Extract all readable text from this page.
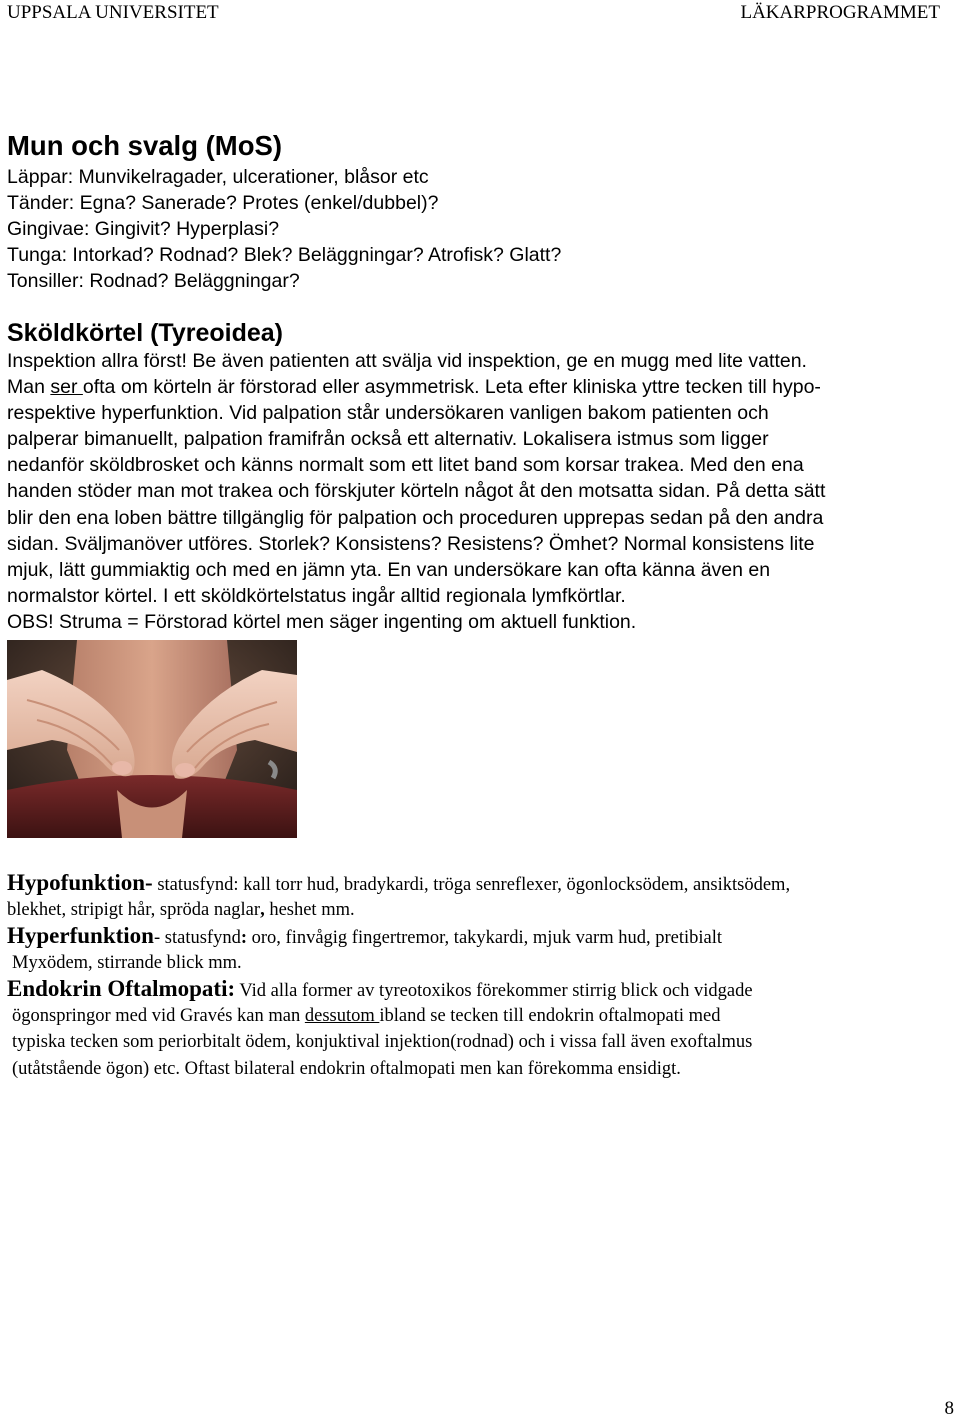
UPPSALA UNIVERSITET	LÄKARPROGRAMMET
Mun och svalg (MoS)
Läppar: Munvikelragader, ulcerationer, blåsor etc
Tänder: Egna? Sanerade? Protes (enkel/dubbel)?
Gingivae: Gingivit? Hyperplasi?
Tunga: Intorkad? Rodnad? Blek? Beläggningar? Atrofisk? Glatt?
Tonsiller: Rodnad? Beläggningar?
Sköldkörtel (Tyreoidea)
Inspektion allra först! Be även patienten att svälja vid inspektion, ge en mugg med lite vatten.
Man ser ofta om körteln är förstorad eller asymmetrisk. Leta efter kliniska yttre tecken till hypo-
respektive hyperfunktion. Vid palpation står undersökaren vanligen bakom patienten och
palperar bimanuellt, palpation framifrån också ett alternativ. Lokalisera istmus som ligger
nedanför sköldbrosket och känns normalt som ett litet band som korsar trakea. Med den ena
handen stöder man mot trakea och förskjuter körteln något åt den motsatta sidan. På detta sätt
blir den ena loben bättre tillgänglig för palpation och proceduren upprepas sedan på den andra
sidan. Sväljmanöver utföres. Storlek? Konsistens? Resistens? Ömhet? Normal konsistens lite
mjuk, lätt gummiaktig och med en jämn yta. En van undersökare kan ofta känna även en
normalstor körtel. I ett sköldkörtelstatus ingår alltid regionala lymfkörtlar.
OBS! Struma = Förstorad körtel men säger ingenting om aktuell funktion.
Hypofunktion- statusfynd: kall torr hud, bradykardi, tröga senreflexer, ögonlocksödem, ansiktsödem,
blekhet, stripigt hår, spröda naglar, heshet mm.
Hyperfunktion- statusfynd: oro, finvågig fingertremor, takykardi, mjuk varm hud, pretibialt
Myxödem, stirrande blick mm.
Endokrin Oftalmopati: Vid alla former av tyreotoxikos förekommer stirrig blick och vidgade
ögonspringor med vid Gravés kan man dessutom ibland se tecken till endokrin oftalmopati med
typiska tecken som periorbitalt ödem, konjuktival injektion(rodnad) och i vissa fall även exoftalmus
(utåtstående ögon) etc. Oftast bilateral endokrin oftalmopati men kan förekomma ensidigt.
8
